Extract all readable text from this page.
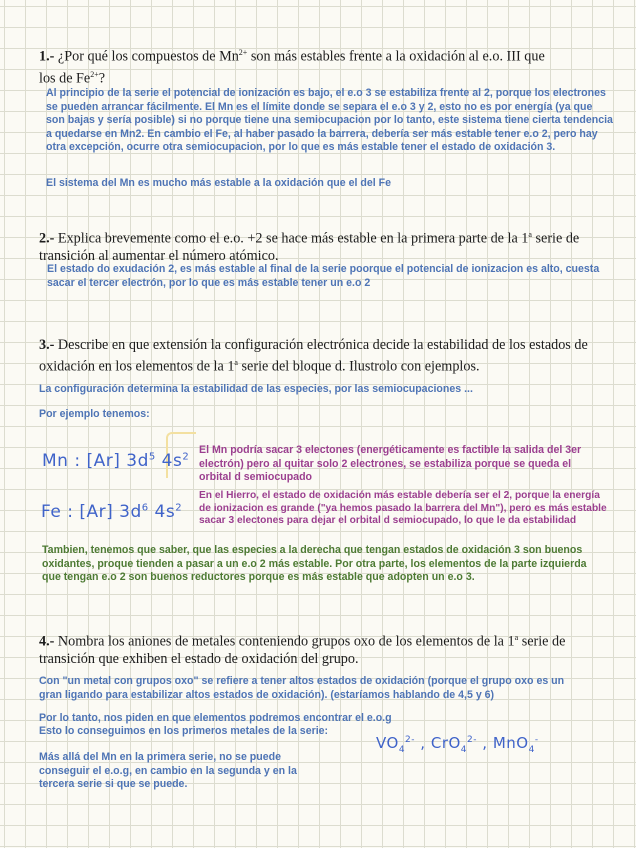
1.- ¿Por qué los compuestos de $Mn^{2+}$ son más estables frente a la oxidación al e.o. III que los de $Fe^{2+}$?

Al principio de la serie el potencial de ionización es bajo, el e.o 3 se estabiliza frente al 2, porque los electrones se pueden arrancar fácilmente. El Mn es el límite donde se separa el e.o 3 y 2, esto no es por energía (ya que son bajas y sería posible) si no porque tiene una semiocupacion por lo tanto, este sistema tiene cierta tendencia a quedarse en Mn2. En cambio el Fe, al haber pasado la barrera, debería ser más estable tener e.o 2, pero hay otra excepción, ocurre otra semiocupacion, por lo que es más estable tener el estado de oxidación 3.

El sistema del Mn es mucho más estable a la oxidación que el del Fe

2.- Explica brevemente como el e.o. +2 se hace más estable en la primera parte de la 1$^a$ serie de transición al aumentar el número atómico.

El estado do exudación 2, es más estable al final de la serie poorque el potencial de ionizacion es alto, cuesta sacar el tercer electrón, por lo que es más estable tener un e.o 2

3.- Describe en que extensión la configuración electrónica decide la estabilidad de los estados de oxidación en los elementos de la 1$^a$ serie del bloque d. Ilustrolo con ejemplos.

La configuración determina la estabilidad de las especies, por las semiocupaciones ...

Por ejemplo tenemos:

Mn : [Ar] $3d^5$ $4s^2$

El Mn podría sacar 3 electones (energéticamente es factible la salida del 3er electrón) pero al quitar solo 2 electrones, se estabiliza porque se queda el orbital d semiocupado

Fe : [Ar] $3d^6$ $4s^2$

En el Hierro, el estado de oxidación más estable debería ser el 2, porque la energía de ionizacion es grande ("ya hemos pasado la barrera del Mn"), pero es más estable sacar 3 electones para dejar el orbital d semiocupado, lo que le da estabilidad

Tambien, tenemos que saber, que las especies a la derecha que tengan estados de oxidación 3 son buenos oxidantes, proque tienden a pasar a un e.o 2 más estable. Por otra parte, los elementos de la parte izquierda que tengan e.o 2 son buenos reductores porque es más estable que adopten un e.o 3.

4.- Nombra los aniones de metales conteniendo grupos oxo de los elementos de la 1$^a$ serie de transición que exhiben el estado de oxidación del grupo.

Con "un metal con grupos oxo" se refiere a tener altos estados de oxidación (porque el grupo oxo es un gran ligando para estabilizar altos estados de oxidación). (estaríamos hablando de 4,5 y 6)

Por lo tanto, nos piden en que elementos podremos encontrar el e.o.g

Esto lo conseguimos en los primeros metales de la serie:

$VO_4^{2-}$ , CrO$_4^{2-}$ , MnO$_4$-

Más allá del Mn en la primera serie, no se puede conseguir el e.o.g, en cambio en la segunda y en la tercera serie si que se puede.
